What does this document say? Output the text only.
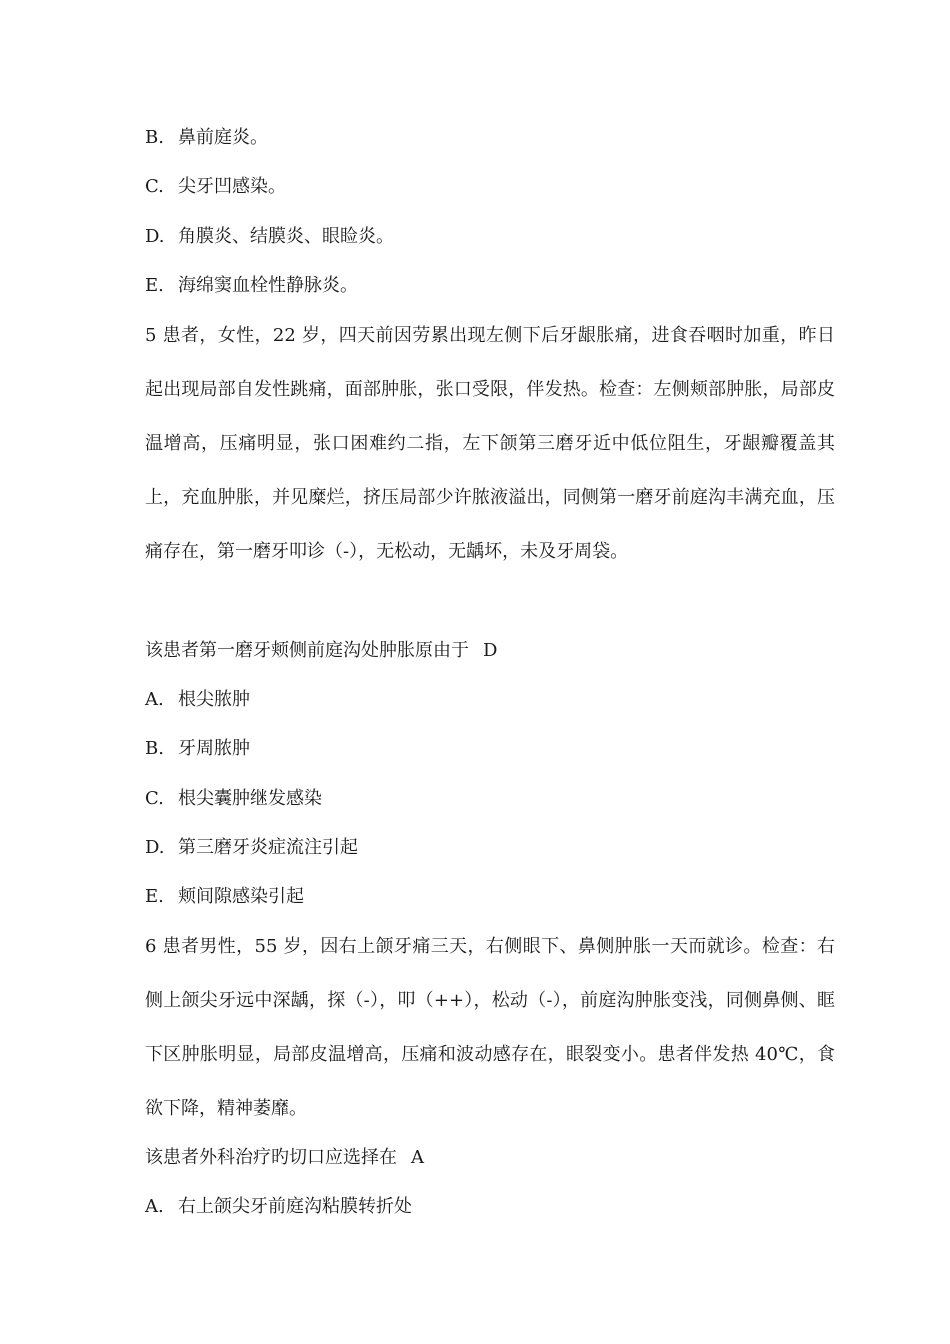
B. 鼻前庭炎。
C. 尖牙凹感染。
D. 角膜炎、结膜炎、眼睑炎。
E. 海绵窦血栓性静脉炎。
5 患者，女性，22 岁，四天前因劳累出现左侧下后牙龈胀痛，进食吞咽时加重，昨日起出现局部自发性跳痛，面部肿胀，张口受限，伴发热。检查：左侧颊部肿胀，局部皮温增高，压痛明显，张口困难约二指，左下颌第三磨牙近中低位阻生，牙龈瓣覆盖其上，充血肿胀，并见糜烂，挤压局部少许脓液溢出，同侧第一磨牙前庭沟丰满充血，压痛存在，第一磨牙叩诊（-），无松动，无龋坏，未及牙周袋。
该患者第一磨牙颊侧前庭沟处肿胀原由于 D
A. 根尖脓肿
B. 牙周脓肿
C. 根尖囊肿继发感染
D. 第三磨牙炎症流注引起
E. 颊间隙感染引起
6 患者男性，55 岁，因右上颌牙痛三天，右侧眼下、鼻侧肿胀一天而就诊。检查：右侧上颌尖牙远中深龋，探（-），叩（++），松动（-），前庭沟肿胀变浅，同侧鼻侧、眶下区肿胀明显，局部皮温增高，压痛和波动感存在，眼裂变小。患者伴发热 40℃，食欲下降，精神萎靡。
该患者外科治疗旳切口应选择在 A
A. 右上颌尖牙前庭沟粘膜转折处
